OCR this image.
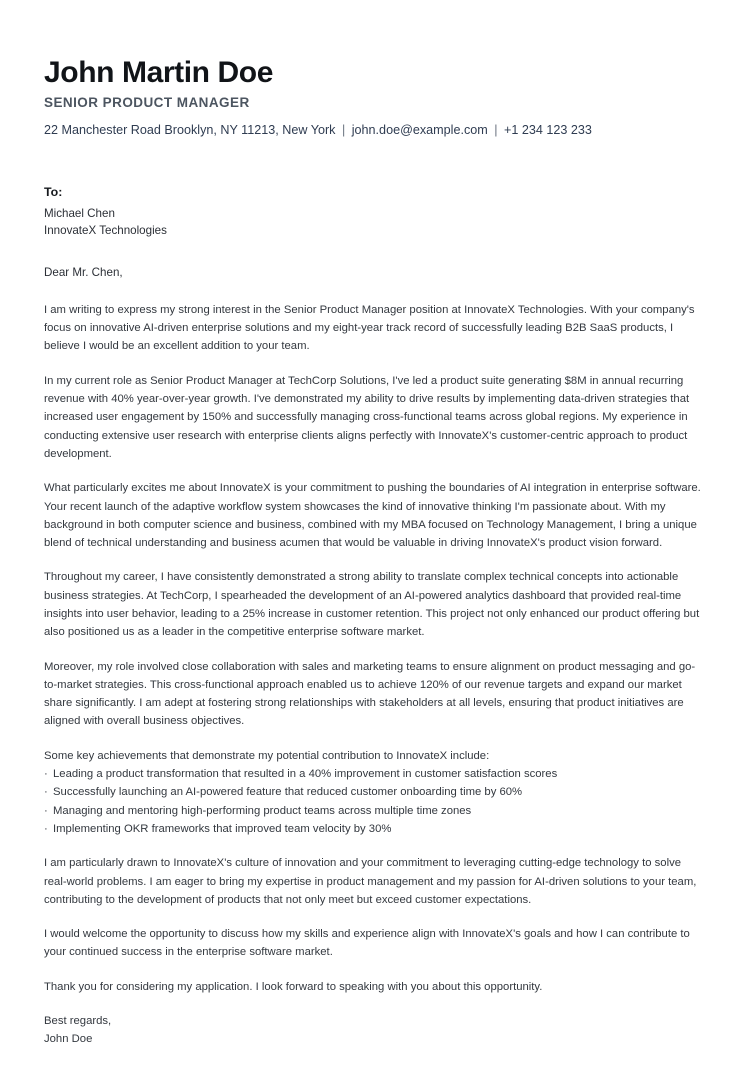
John Martin Doe
SENIOR PRODUCT MANAGER
22 Manchester Road Brooklyn, NY 11213, New York | john.doe@example.com | +1 234 123 233
To:

Michael Chen

InnovateX Technologies

Dear Mr. Chen,

I am writing to express my strong interest in the Senior Product Manager position at InnovateX Technologies. With your company's focus on innovative AI-driven enterprise solutions and my eight-year track record of successfully leading B2B SaaS products, I believe I would be an excellent addition to your team.

In my current role as Senior Product Manager at TechCorp Solutions, I've led a product suite generating $8M in annual recurring revenue with 40% year-over-year growth. I've demonstrated my ability to drive results by implementing data-driven strategies that increased user engagement by 150% and successfully managing cross-functional teams across global regions. My experience in conducting extensive user research with enterprise clients aligns perfectly with InnovateX's customer-centric approach to product development.

What particularly excites me about InnovateX is your commitment to pushing the boundaries of AI integration in enterprise software. Your recent launch of the adaptive workflow system showcases the kind of innovative thinking I'm passionate about. With my background in both computer science and business, combined with my MBA focused on Technology Management, I bring a unique blend of technical understanding and business acumen that would be valuable in driving InnovateX's product vision forward.

Throughout my career, I have consistently demonstrated a strong ability to translate complex technical concepts into actionable business strategies. At TechCorp, I spearheaded the development of an AI-powered analytics dashboard that provided real-time insights into user behavior, leading to a 25% increase in customer retention. This project not only enhanced our product offering but also positioned us as a leader in the competitive enterprise software market.

Moreover, my role involved close collaboration with sales and marketing teams to ensure alignment on product messaging and go-to-market strategies. This cross-functional approach enabled us to achieve 120% of our revenue targets and expand our market share significantly. I am adept at fostering strong relationships with stakeholders at all levels, ensuring that product initiatives are aligned with overall business objectives.

Some key achievements that demonstrate my potential contribution to InnovateX include:

· Leading a product transformation that resulted in a 40% improvement in customer satisfaction scores
· Successfully launching an AI-powered feature that reduced customer onboarding time by 60%
· Managing and mentoring high-performing product teams across multiple time zones
· Implementing OKR frameworks that improved team velocity by 30%

I am particularly drawn to InnovateX's culture of innovation and your commitment to leveraging cutting-edge technology to solve real-world problems. I am eager to bring my expertise in product management and my passion for AI-driven solutions to your team, contributing to the development of products that not only meet but exceed customer expectations.

I would welcome the opportunity to discuss how my skills and experience align with InnovateX's goals and how I can contribute to your continued success in the enterprise software market.

Thank you for considering my application. I look forward to speaking with you about this opportunity.

Best regards,

John Doe
